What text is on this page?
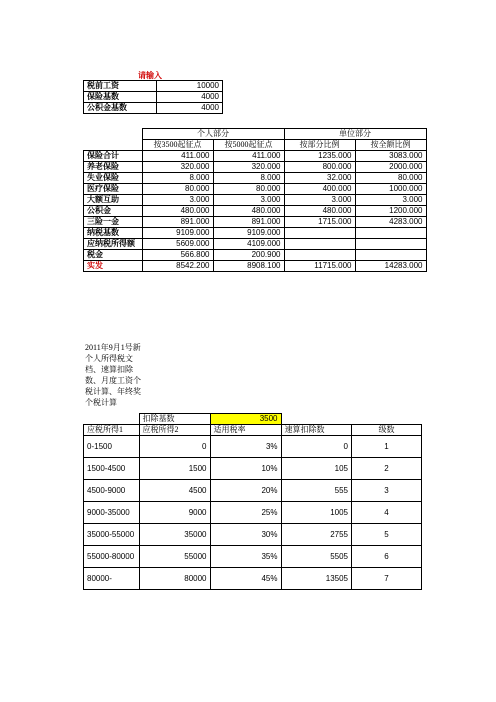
请输入
税前工资	10000
保险基数	4000
公积金基数	4000
	个人部分		单位部分	
	按3500起征点	按5000起征点	按部分比例	按全额比例
保险合计	411.000	411.000	1235.000	3083.000
养老保险	320.000	320.000	800.000	2000.000
失业保险	8.000	8.000	32.000	80.000
医疗保险	80.000	80.000	400.000	1000.000
大额互助	3.000	3.000	3.000	3.000
公积金	480.000	480.000	480.000	1200.000
三险一金	891.000	891.000	1715.000	4283.000
纳税基数	9109.000	9109.000		
应纳税所得额	5609.000	4109.000		
税金	566.800	200.900		
实发	8542.200	8908.100	11715.000	14283.000
2011年9月1号新个人所得税文档、速算扣除数、月度工资个税计算、年终奖个税计算
	扣除基数	3500		
应税所得1	应税所得2	适用税率	速算扣除数	级数
0-1500	0	3%	0	1
1500-4500	1500	10%	105	2
4500-9000	4500	20%	555	3
9000-35000	9000	25%	1005	4
35000-55000	35000	30%	2755	5
55000-80000	55000	35%	5505	6
80000-	80000	45%	13505	7
